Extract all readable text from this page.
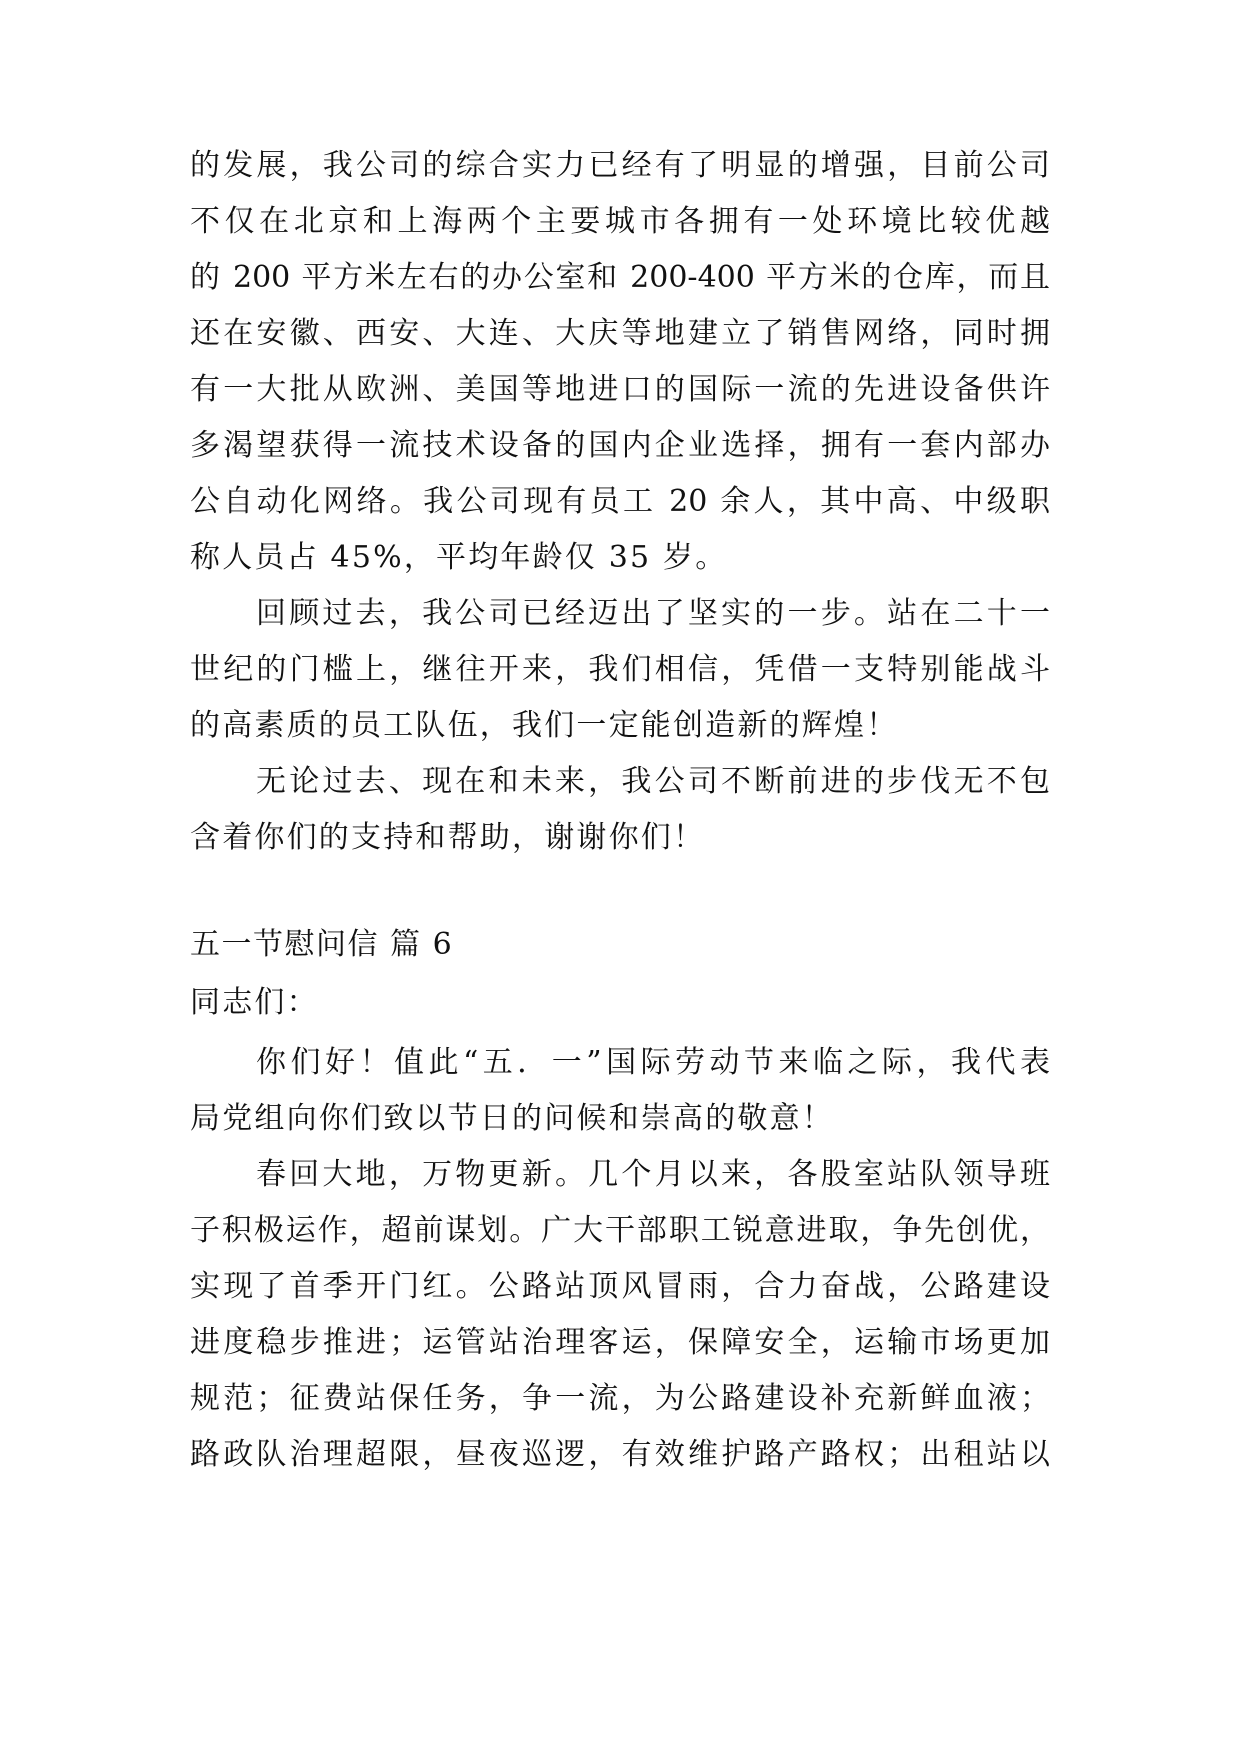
的发展，我公司的综合实力已经有了明显的增强，目前公司
不仅在北京和上海两个主要城市各拥有一处环境比较优越
的 200 平方米左右的办公室和 200-400 平方米的仓库，而且
还在安徽、西安、大连、大庆等地建立了销售网络，同时拥
有一大批从欧洲、美国等地进口的国际一流的先进设备供许
多渴望获得一流技术设备的国内企业选择，拥有一套内部办
公自动化网络。我公司现有员工 20 余人，其中高、中级职
称人员占 45%，平均年龄仅 35 岁。
回顾过去，我公司已经迈出了坚实的一步。站在二十一
世纪的门槛上，继往开来，我们相信，凭借一支特别能战斗
的高素质的员工队伍，我们一定能创造新的辉煌！
无论过去、现在和未来，我公司不断前进的步伐无不包
含着你们的支持和帮助，谢谢你们！
五一节慰问信 篇 6
同志们：
你们好！值此“五．一”国际劳动节来临之际，我代表
局党组向你们致以节日的问候和崇高的敬意！
春回大地，万物更新。几个月以来，各股室站队领导班
子积极运作，超前谋划。广大干部职工锐意进取，争先创优，
实现了首季开门红。公路站顶风冒雨，合力奋战，公路建设
进度稳步推进；运管站治理客运，保障安全，运输市场更加
规范；征费站保任务，争一流，为公路建设补充新鲜血液；
路政队治理超限，昼夜巡逻，有效维护路产路权；出租站以
